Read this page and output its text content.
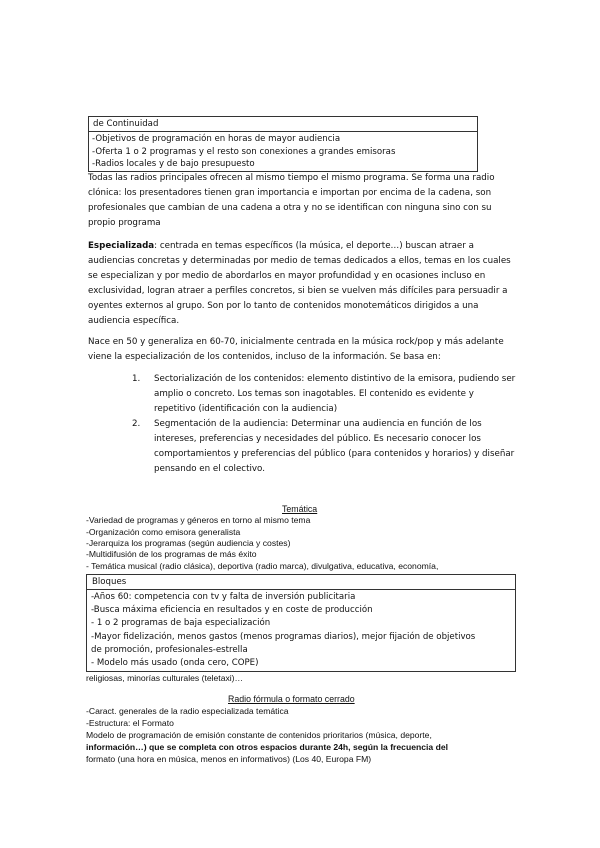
de Continuidad
-Objetivos de programación en horas de mayor audiencia
-Oferta 1 o 2 programas y el resto son conexiones a grandes emisoras
-Radios locales y de bajo presupuesto

Todas las radios principales ofrecen al mismo tiempo el mismo programa. Se forma una radio clónica: los presentadores tienen gran importancia e importan por encima de la cadena, son profesionales que cambian de una cadena a otra y no se identifican con ninguna sino con su propio programa

Especializada: centrada en temas específicos (la música, el deporte…) buscan atraer a audiencias concretas y determinadas por medio de temas dedicados a ellos, temas en los cuales se especializan y por medio de abordarlos en mayor profundidad y en ocasiones incluso en exclusividad, logran atraer a perfiles concretos, si bien se vuelven más difíciles para persuadir a oyentes externos al grupo. Son por lo tanto de contenidos monotemáticos dirigidos a una audiencia específica.

Nace en 50 y generaliza en 60-70, inicialmente centrada en la música rock/pop y más adelante viene la especialización de los contenidos, incluso de la información. Se basa en:

1. Sectorialización de los contenidos: elemento distintivo de la emisora, pudiendo ser amplio o concreto. Los temas son inagotables. El contenido es evidente y repetitivo (identificación con la audiencia)
2. Segmentación de la audiencia: Determinar una audiencia en función de los intereses, preferencias y necesidades del público. Es necesario conocer los comportamientos y preferencias del público (para contenidos y horarios) y diseñar pensando en el colectivo.
Temática
-Variedad de programas y géneros en torno al mismo tema
-Organización como emisora generalista
-Jerarquiza los programas (según audiencia y costes)
-Multidifusión de los programas de más éxito
- Temática musical (radio clásica), deportiva (radio marca), divulgativa, educativa, economía,
Bloques
-Años 60: competencia con tv y falta de inversión publicitaria
-Busca máxima eficiencia en resultados y en coste de producción
- 1 o 2 programas de baja especialización
-Mayor fidelización, menos gastos (menos programas diarios), mejor fijación de objetivos
de promoción, profesionales-estrella
- Modelo más usado (onda cero, COPE)
religiosas, minorías culturales (teletaxi)…
Radio fórmula o formato cerrado
-Caract. generales de la radio especializada temática
-Estructura: el Formato
Modelo de programación de emisión constante de contenidos prioritarios (música, deporte,
información…) que se completa con otros espacios durante 24h, según la frecuencia del
formato (una hora en música, menos en informativos) (Los 40, Europa FM)
